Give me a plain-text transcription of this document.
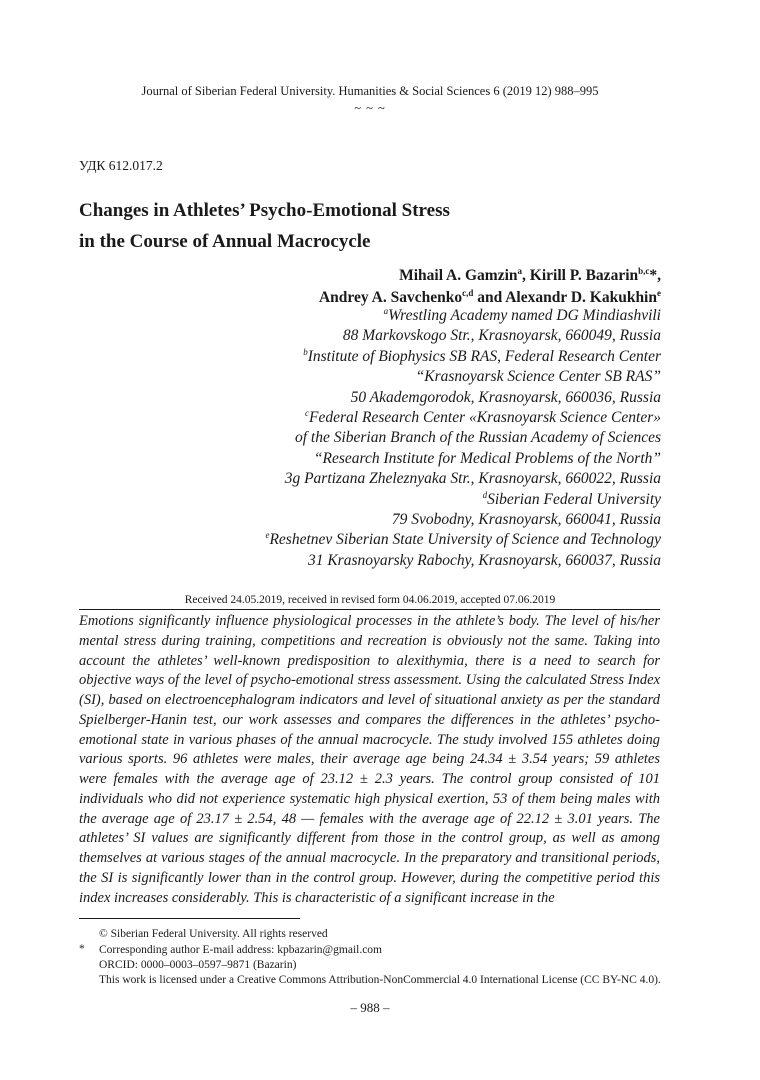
Journal of Siberian Federal University. Humanities & Social Sciences 6 (2019 12) 988–995
~ ~ ~
УДК 612.017.2
Changes in Athletes’ Psycho-Emotional Stress
in the Course of Annual Macrocycle
Mihail A. Gamzin$^a$, Kirill P. Bazarin$^{b,c}$*,
Andrey A. Savchenko$^{c,d}$ and Alexandr D. Kakukhin$^e$
$^a$Wrestling Academy named DG Mindiashvili
88 Markovskogo Str., Krasnoyarsk, 660049, Russia
$^b$Institute of Biophysics SB RAS, Federal Research Center
“Krasnoyarsk Science Center SB RAS”
50 Akademgorodok, Krasnoyarsk, 660036, Russia
$^c$Federal Research Center «Krasnoyarsk Science Center»
of the Siberian Branch of the Russian Academy of Sciences
“Research Institute for Medical Problems of the North”
3g Partizana Zheleznyaka Str., Krasnoyarsk, 660022, Russia
$^d$Siberian Federal University
79 Svobodny, Krasnoyarsk, 660041, Russia
$^e$Reshetnev Siberian State University of Science and Technology
31 Krasnoyarsky Rabochy, Krasnoyarsk, 660037, Russia
Received 24.05.2019, received in revised form 04.06.2019, accepted 07.06.2019
Emotions significantly influence physiological processes in the athlete’s body. The level of his/her mental stress during training, competitions and recreation is obviously not the same. Taking into account the athletes’ well-known predisposition to alexithymia, there is a need to search for objective ways of the level of psycho-emotional stress assessment. Using the calculated Stress Index (SI), based on electroencephalogram indicators and level of situational anxiety as per the standard Spielberger-Hanin test, our work assesses and compares the differences in the athletes’ psycho-emotional state in various phases of the annual macrocycle. The study involved 155 athletes doing various sports. 96 athletes were males, their average age being 24.34 ± 3.54 years; 59 athletes were females with the average age of 23.12 ± 2.3 years. The control group consisted of 101 individuals who did not experience systematic high physical exertion, 53 of them being males with the average age of 23.17 ± 2.54, 48 — females with the average age of 22.12 ± 3.01 years. The athletes’ SI values are significantly different from those in the control group, as well as among themselves at various stages of the annual macrocycle. In the preparatory and transitional periods, the SI is significantly lower than in the control group. However, during the competitive period this index increases considerably. This is characteristic of a significant increase in the
© Siberian Federal University. All rights reserved
* Corresponding author E-mail address: kpbazarin@gmail.com
ORCID: 0000–0003–0597–9871 (Bazarin)
This work is licensed under a Creative Commons Attribution-NonCommercial 4.0 International License (CC BY-NC 4.0).
– 988 –
